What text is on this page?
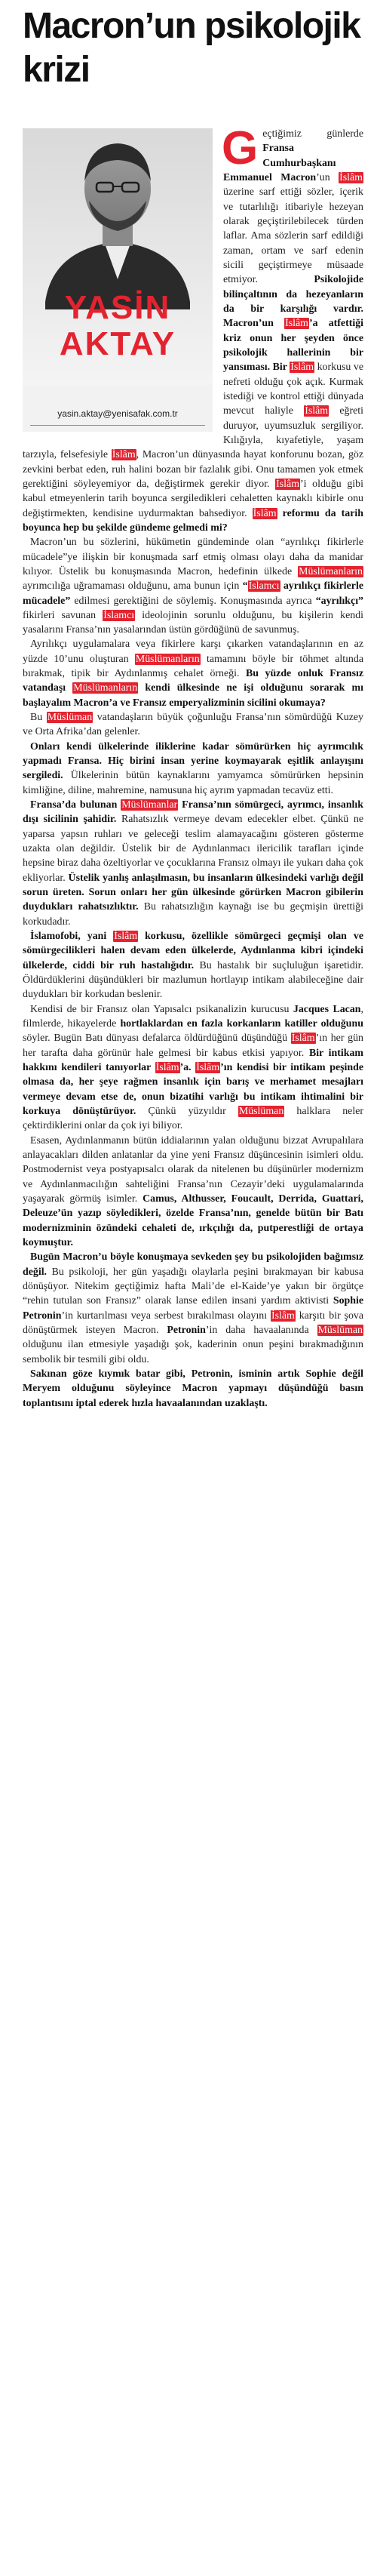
Macron’un psikolojik krizi
YASİN
AKTAY
yasin.aktay@yenisafak.com.tr

Geçtiğimiz günlerde Fransa Cumhurbaşkanı Emmanuel Macron’un İslâm üzerine sarf ettiği sözler, içerik ve tutarlılığı itibariyle hezeyan olarak geçiştirilebilecek türden laflar. Ama sözlerin sarf edildiği zaman, ortam ve sarf edenin sicili geçiştirmeye müsaade etmiyor. Psikolojide bilinçaltının da hezeyanların da bir karşılığı vardır. Macron’un İslâm’a atfettiği kriz onun her şeyden önce psikolojik hallerinin bir yansıması. Bir İslâm korkusu ve nefreti olduğu çok açık. Kurmak istediği ve kontrol ettiği dünyada mevcut haliyle İslâm eğreti duruyor, uyumsuzluk sergiliyor. Kılığıyla, kıyafetiyle, yaşam tarzıyla, felsefesiyle İslâm, Macron’un dünyasında hayat konforunu bozan, göz zevkini berbat eden, ruh halini bozan bir fazlalık gibi. Onu tamamen yok etmek gerektiğini söyleyemiyor da, değiştirmek gerekir diyor. İslâm’i olduğu gibi kabul etmeyenlerin tarih boyunca sergiledikleri cehaletten kaynaklı kibirle onu değiştirmekten, kendisine uydurmaktan bahsediyor. İslâm reformu da tarih boyunca hep bu şekilde gündeme gelmedi mi?

Macron’un bu sözlerini, hükümetin gündeminde olan “ayrılıkçı fikirlerle mücadele”ye ilişkin bir konuşmada sarf etmiş olması olayı daha da manidar kılıyor. Üstelik bu konuşmasında Macron, hedefinin ülkede Müslümanların ayrımcılığa uğramaması olduğunu, ama bunun için “İslamcı ayrılıkçı fikirlerle mücadele” edilmesi gerektiğini de söylemiş. Konuşmasında ayrıca “ayrılıkçı” fikirleri savunan İslamcı ideolojinin sorunlu olduğunu, bu kişilerin kendi yasalarını Fransa’nın yasalarından üstün gördüğünü de savunmuş.

Ayrılıkçı uygulamalara veya fikirlere karşı çıkarken vatandaşlarının en az yüzde 10’unu oluşturan Müslümanların tamamını böyle bir töhmet altında bırakmak, tipik bir Aydınlanmış cehalet örneği. Bu yüzde onluk Fransız vatandaşı Müslümanların kendi ülkesinde ne işi olduğunu sorarak mı başlayalım Macron’a ve Fransız emperyalizminin sicilini okumaya?

Bu Müslüman vatandaşların büyük çoğunluğu Fransa’nın sömürdüğü Kuzey ve Orta Afrika’dan gelenler.

Onları kendi ülkelerinde iliklerine kadar sömürürken hiç ayrımcılık yapmadı Fransa. Hiç birini insan yerine koymayarak eşitlik anlayışını sergiledi. Ülkelerinin bütün kaynaklarını yamyamca sömürürken hepsinin kimliğine, diline, mahremine, namusuna hiç ayrım yapmadan tecavüz etti.

Fransa’da bulunan Müslümanlar Fransa’nın sömürgeci, ayrımcı, insanlık dışı sicilinin şahidir. Rahatsızlık vermeye devam edecekler elbet. Çünkü ne yaparsa yapsın ruhları ve geleceği teslim alamayacağını gösteren gösterme uzakta olan değildir. Üstelik bir de Aydınlanmacı ilericilik tarafları içinde hepsine biraz daha özeltiyorlar ve çocuklarına Fransız olmayı ile yukarı daha çok ekliyorlar. Üstelik yanlış anlaşılmasın, bu insanların ülkesindeki varlığı değil sorun üreten. Sorun onları her gün ülkesinde görürken Macron gibilerin duydukları rahatsızlıktır. Bu rahatsızlığın kaynağı ise bu geçmişin ürettiği korkudadır.

İslamofobi, yani İslâm korkusu, özellikle sömürgeci geçmişi olan ve sömürgecilikleri halen devam eden ülkelerde, Aydınlanma kibri içindeki ülkelerde, ciddi bir ruh hastalığıdır. Bu hastalık bir suçluluğun işaretidir. Öldürdüklerini düşündükleri bir mazlumun hortlayıp intikam alabileceğine dair duydukları bir korkudan beslenir.

Kendisi de bir Fransız olan Yapısalcı psikanalizin kurucusu Jacques Lacan, filmlerde, hikayelerde hortlaklardan en fazla korkanların katiller olduğunu söyler. Bugün Batı dünyası defalarca öldürdüğünü düşündüğü İslâm’ın her gün her tarafta daha görünür hale gelmesi bir kabus etkisi yapıyor. Bir intikam hakkını kendileri tanıyorlar İslâm’a. İslâm’ın kendisi bir intikam peşinde olmasa da, her şeye rağmen insanlık için barış ve merhamet mesajları vermeye devam etse de, onun bizatihi varlığı bu intikam ihtimalini bir korkuya dönüştürüyor. Çünkü yüzyıldır Müslüman halklara neler çektirdiklerini onlar da çok iyi biliyor.

Esasen, Aydınlanmanın bütün iddialarının yalan olduğunu bizzat Avrupalılara anlayacakları dilden anlatanlar da yine yeni Fransız düşüncesinin isimleri oldu. Postmodernist veya postyapısalcı olarak da nitelenen bu düşünürler modernizm ve Aydınlanmacılığın sahteliğini Fransa’nın Cezayir’deki uygulamalarında yaşayarak görmüş isimler. Camus, Althusser, Foucault, Derrida, Guattari, Deleuze’ün yazıp söyledikleri, özelde Fransa’nın, genelde bütün bir Batı modernizminin özündeki cehaleti de, ırkçılığı da, putperestliği de ortaya koymuştur.

Bugün Macron’u böyle konuşmaya sevkeden şey bu psikolojiden bağımsız değil. Bu psikoloji, her gün yaşadığı olaylarla peşini bırakmayan bir kabusa dönüşüyor. Nitekim geçtiğimiz hafta Mali’de el-Kaide’ye yakın bir örgütçe “rehin tutulan son Fransız” olarak lanse edilen insani yardım aktivisti Sophie Petronin’in kurtarılması veya serbest bırakılması olayını İslâm karşıtı bir şova dönüştürmek isteyen Macron. Petronin’in daha havaalanında Müslüman olduğunu ilan etmesiyle yaşadığı şok, kaderinin onun peşini bırakmadığının sembolik bir tesmili gibi oldu.

Sakınan göze kıymık batar gibi, Petronin, isminin artık Sophie değil Meryem olduğunu söyleyince Macron yapmayı düşündüğü basın toplantısını iptal ederek hızla havaalanından uzaklaştı.
